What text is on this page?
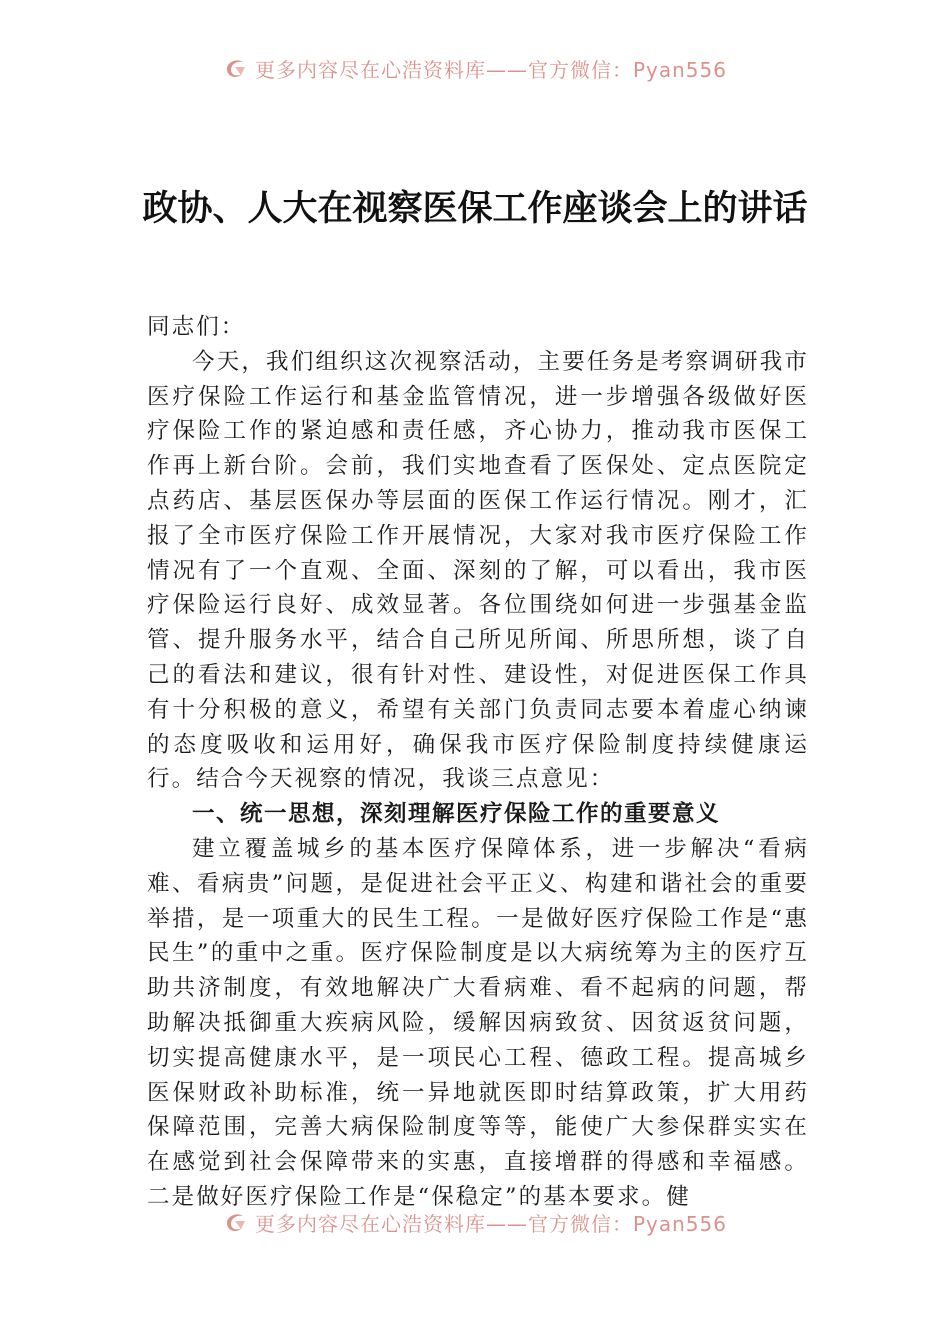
更多内容尽在心浩资料库——官方微信：Pyan556
政协、人大在视察医保工作座谈会上的讲话

同志们：

今天，我们组织这次视察活动，主要任务是考察调研我市医疗保险工作运行和基金监管情况，进一步增强各级做好医疗保险工作的紧迫感和责任感，齐心协力，推动我市医保工作再上新台阶。会前，我们实地查看了医保处、定点医院定点药店、基层医保办等层面的医保工作运行情况。刚才，汇报了全市医疗保险工作开展情况，大家对我市医疗保险工作情况有了一个直观、全面、深刻的了解，可以看出，我市医疗保险运行良好、成效显著。各位围绕如何进一步强基金监管、提升服务水平，结合自己所见所闻、所思所想，谈了自己的看法和建议，很有针对性、建设性，对促进医保工作具有十分积极的意义，希望有关部门负责同志要本着虚心纳谏的态度吸收和运用好，确保我市医疗保险制度持续健康运行。结合今天视察的情况，我谈三点意见：

一、统一思想，深刻理解医疗保险工作的重要意义

建立覆盖城乡的基本医疗保障体系，进一步解决“看病难、看病贵”问题，是促进社会平正义、构建和谐社会的重要举措，是一项重大的民生工程。一是做好医疗保险工作是“惠民生”的重中之重。医疗保险制度是以大病统筹为主的医疗互助共济制度，有效地解决广大看病难、看不起病的问题，帮助解决抵御重大疾病风险，缓解因病致贫、因贫返贫问题，切实提高健康水平，是一项民心工程、德政工程。提高城乡医保财政补助标准，统一异地就医即时结算政策，扩大用药保障范围，完善大病保险制度等等，能使广大参保群实实在在感觉到社会保障带来的实惠，直接增群的得感和幸福感。二是做好医疗保险工作是“保稳定”的基本要求。健

更多内容尽在心浩资料库——官方微信：Pyan556
